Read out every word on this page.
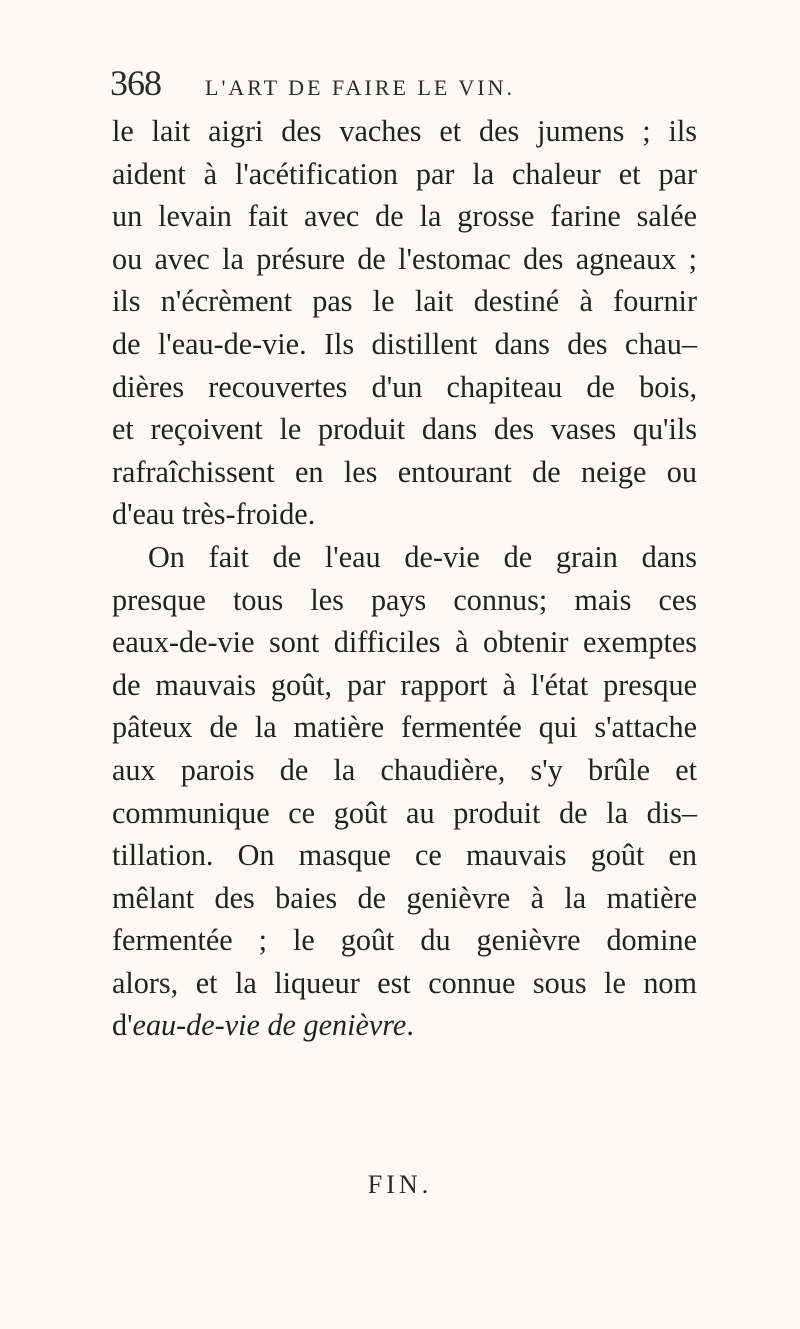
368 L'ART DE FAIRE LE VIN.
le lait aigri des vaches et des jumens ; ils
aident à l'acétification par la chaleur et par
un levain fait avec de la grosse farine salée
ou avec la présure de l'estomac des agneaux ;
ils n'écrèment pas le lait destiné à fournir
de l'eau-de-vie. Ils distillent dans des chau–
dières recouvertes d'un chapiteau de bois,
et reçoivent le produit dans des vases qu'ils
rafraîchissent en les entourant de neige ou
d'eau très-froide.
On fait de l'eau de-vie de grain dans
presque tous les pays connus; mais ces
eaux-de-vie sont difficiles à obtenir exemptes
de mauvais goût, par rapport à l'état presque
pâteux de la matière fermentée qui s'attache
aux parois de la chaudière, s'y brûle et
communique ce goût au produit de la dis–
tillation. On masque ce mauvais goût en
mêlant des baies de genièvre à la matière
fermentée ; le goût du genièvre domine
alors, et la liqueur est connue sous le nom
d'eau-de-vie de genièvre.
FIN.
